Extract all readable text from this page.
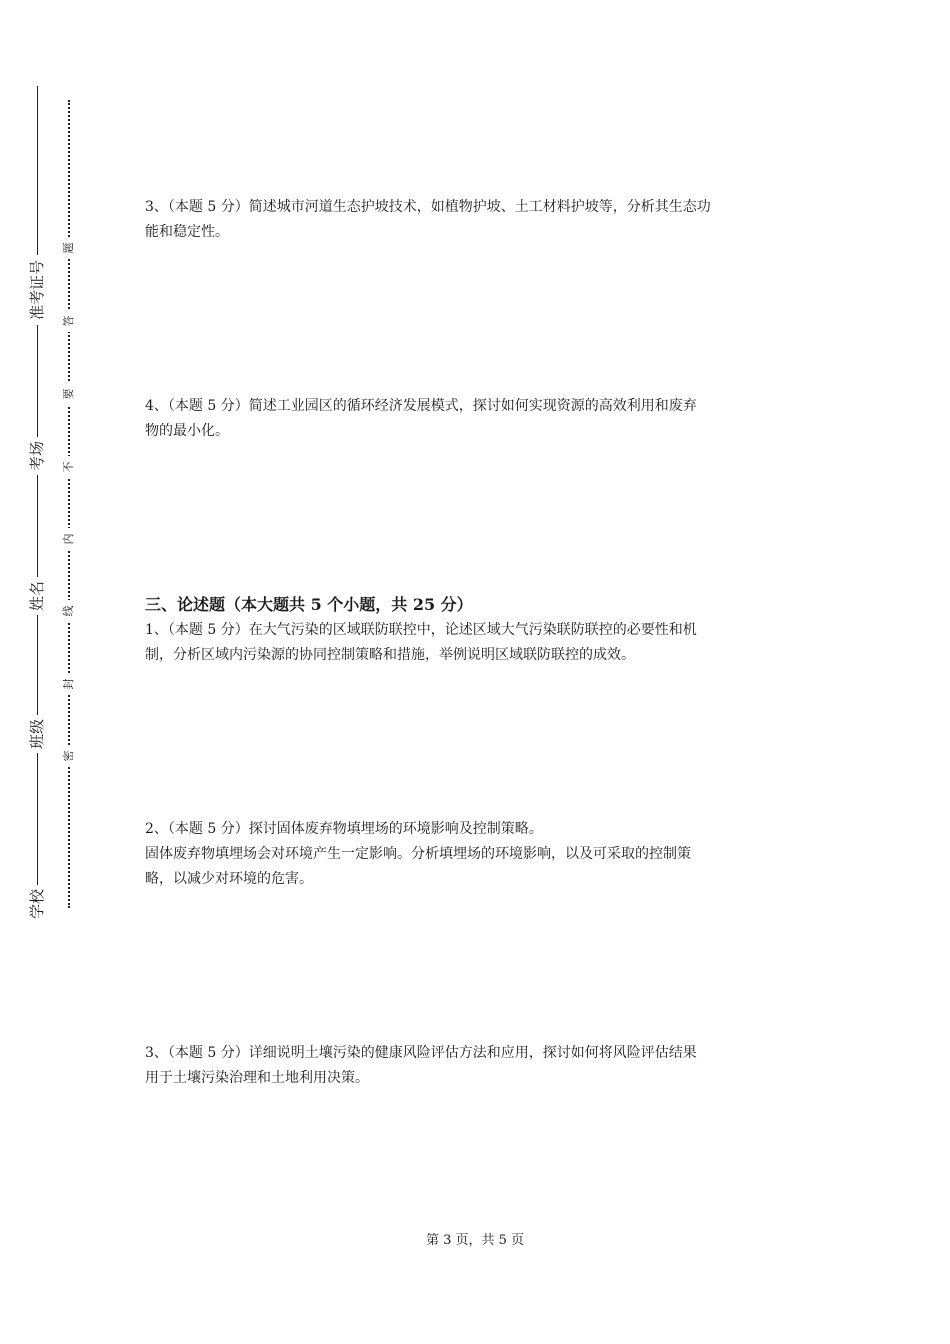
准考证号
考场
姓名
班级
学校
题
答
要
不
内
线
封
密
3、（本题 5 分）简述城市河道生态护坡技术，如植物护坡、土工材料护坡等，分析其生态功
能和稳定性。
4、（本题 5 分）简述工业园区的循环经济发展模式，探讨如何实现资源的高效利用和废弃
物的最小化。
三、论述题（本大题共 5 个小题，共 25 分）
1、（本题 5 分）在大气污染的区域联防联控中，论述区域大气污染联防联控的必要性和机
制，分析区域内污染源的协同控制策略和措施，举例说明区域联防联控的成效。
2、（本题 5 分）探讨固体废弃物填埋场的环境影响及控制策略。
固体废弃物填埋场会对环境产生一定影响。分析填埋场的环境影响，以及可采取的控制策
略，以减少对环境的危害。
3、（本题 5 分）详细说明土壤污染的健康风险评估方法和应用，探讨如何将风险评估结果
用于土壤污染治理和土地利用决策。
第 3 页，共 5 页
